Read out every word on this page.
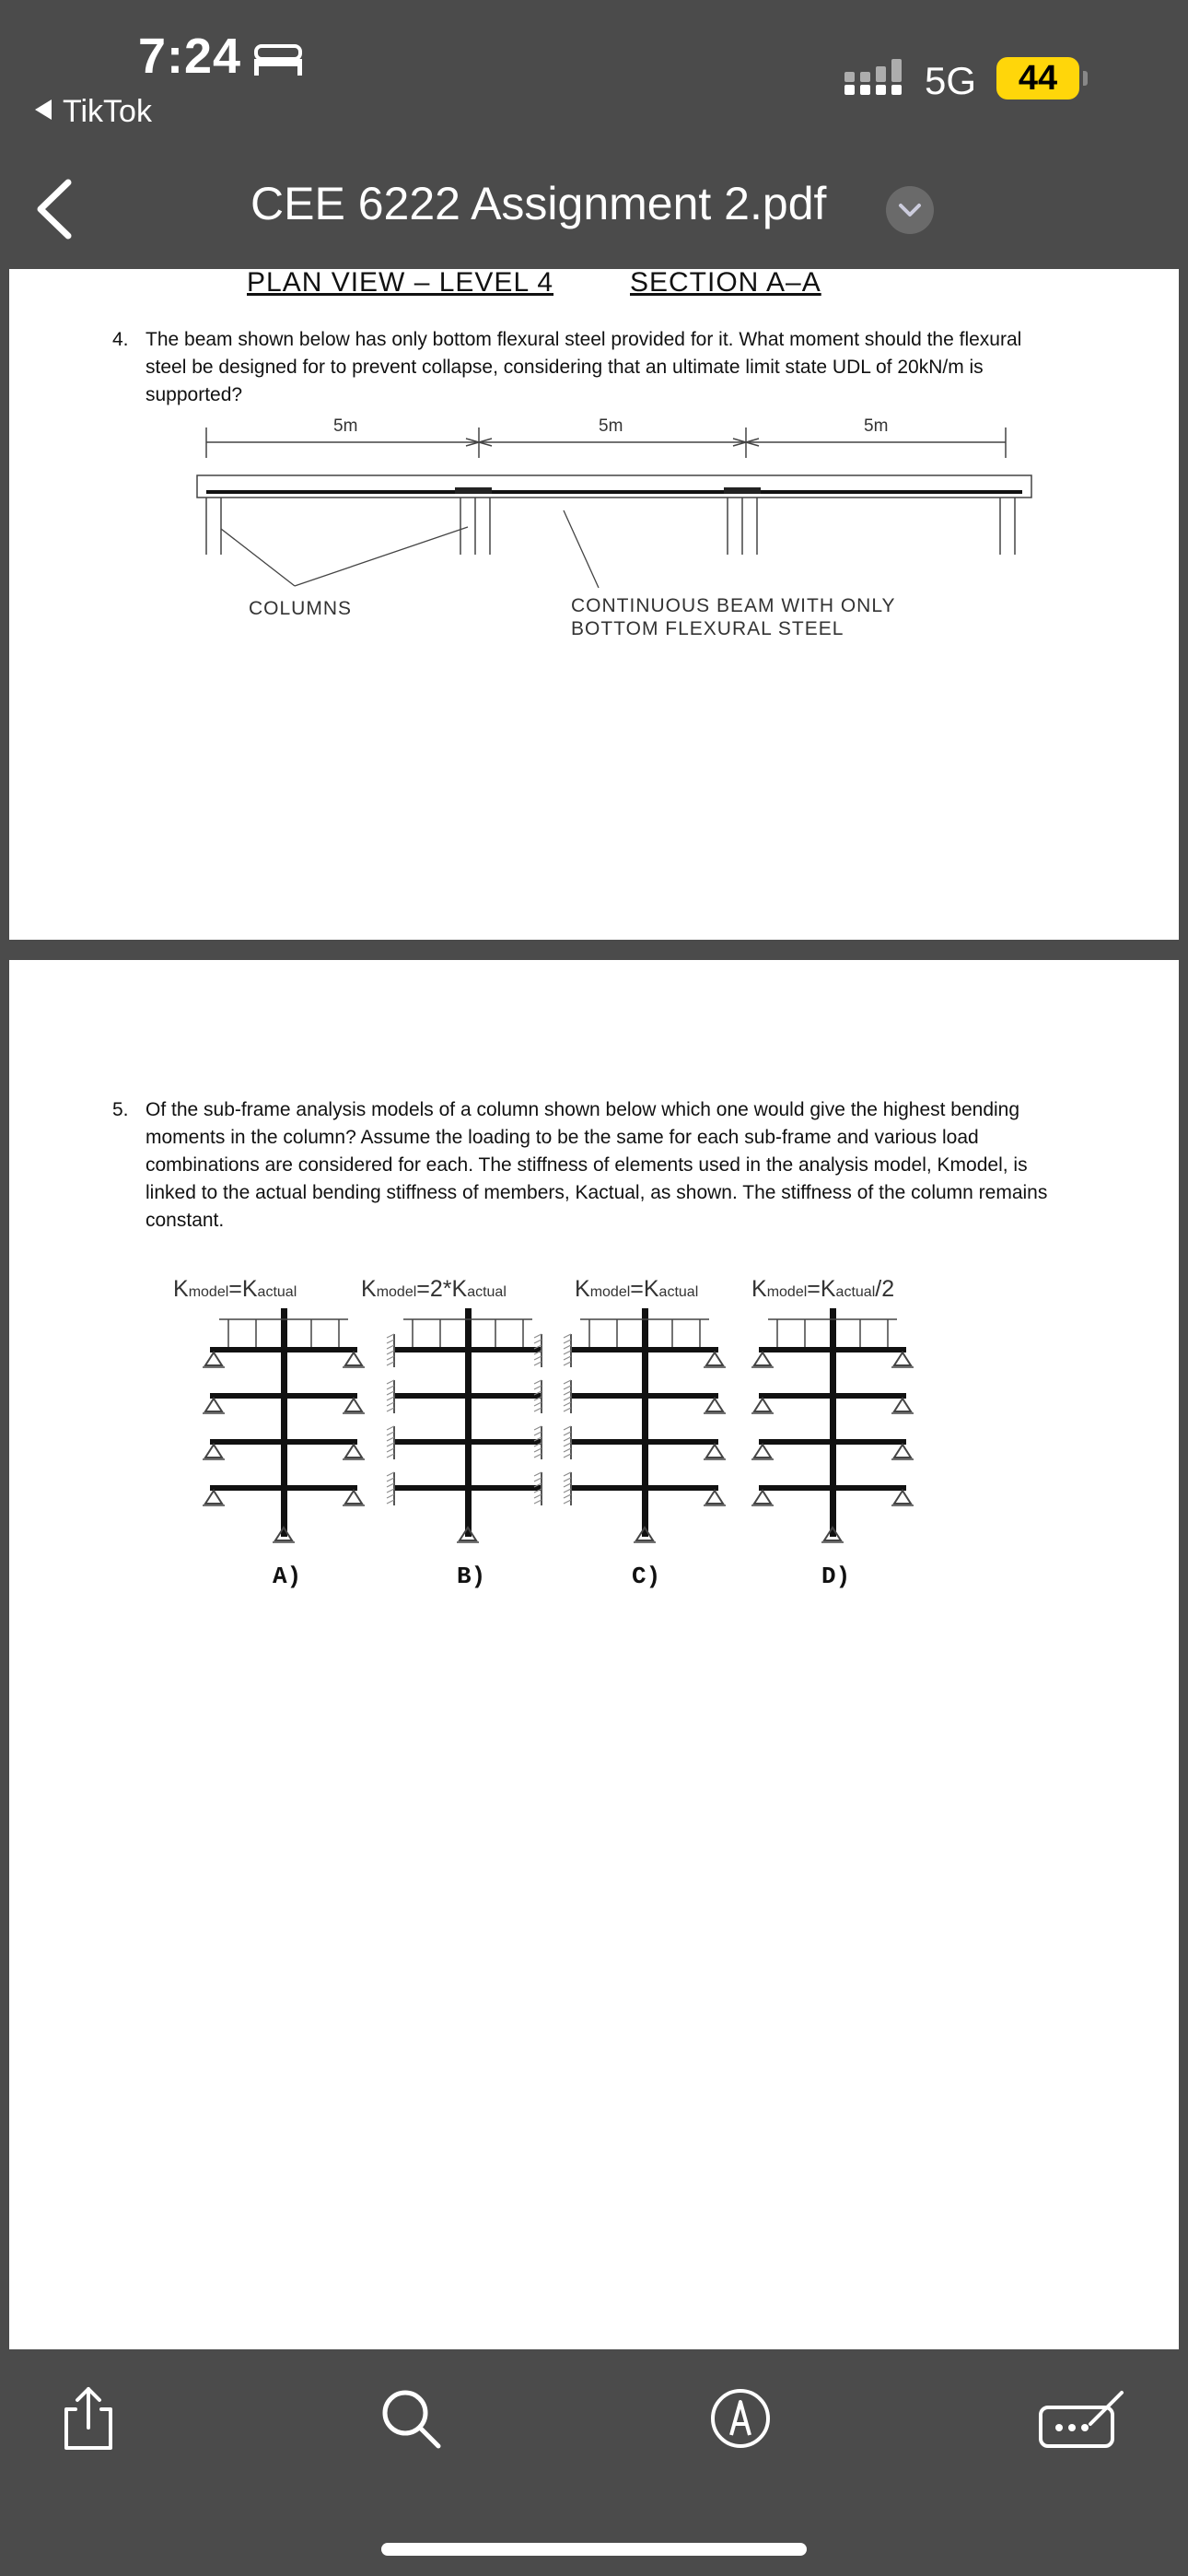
7:24
TikTok
5G	44
CEE 6222 Assignment 2.pdf
PLAN VIEW – LEVEL 4	SECTION A–A
4. The beam shown below has only bottom flexural steel provided for it. What moment should the flexural steel be designed for to prevent collapse, considering that an ultimate limit state UDL of 20kN/m is supported?
5m	5m	5m
COLUMNS	CONTINUOUS BEAM WITH ONLY
BOTTOM FLEXURAL STEEL
5. Of the sub-frame analysis models of a column shown below which one would give the highest bending moments in the column? Assume the loading to be the same for each sub-frame and various load combinations are considered for each. The stiffness of elements used in the analysis model, Kmodel, is linked to the actual bending stiffness of members, Kactual, as shown. The stiffness of the column remains constant.
Kmodel=Kactual	Kmodel=2*Kactual	Kmodel=Kactual Kmodel=Kactual/2
A)	B)	C)	D)
